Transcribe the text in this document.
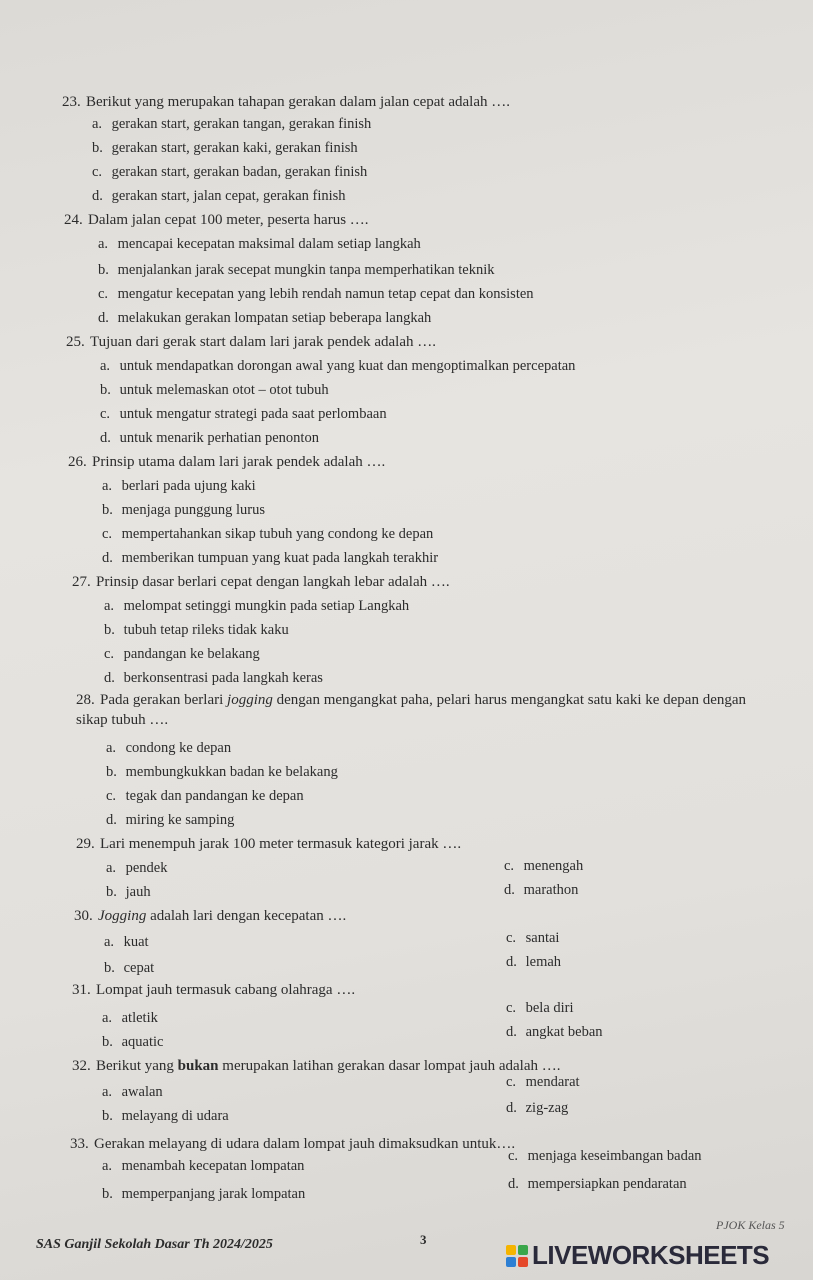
23. Berikut yang merupakan tahapan gerakan dalam jalan cepat adalah ….
a. gerakan start, gerakan tangan, gerakan finish
b. gerakan start, gerakan kaki, gerakan finish
c. gerakan start, gerakan badan, gerakan finish
d. gerakan start, jalan cepat, gerakan finish
24. Dalam jalan cepat 100 meter, peserta harus ….
a. mencapai kecepatan maksimal dalam setiap langkah
b. menjalankan jarak secepat mungkin tanpa memperhatikan teknik
c. mengatur kecepatan yang lebih rendah namun tetap cepat dan konsisten
d. melakukan gerakan lompatan setiap beberapa langkah
25. Tujuan dari gerak start dalam lari jarak pendek adalah ….
a. untuk mendapatkan dorongan awal yang kuat dan mengoptimalkan percepatan
b. untuk melemaskan otot – otot tubuh
c. untuk mengatur strategi pada saat perlombaan
d. untuk menarik perhatian penonton
26. Prinsip utama dalam lari jarak pendek adalah ….
a. berlari pada ujung kaki
b. menjaga punggung lurus
c. mempertahankan sikap tubuh yang condong ke depan
d. memberikan tumpuan yang kuat pada langkah terakhir
27. Prinsip dasar berlari cepat dengan langkah lebar adalah ….
a. melompat setinggi mungkin pada setiap Langkah
b. tubuh tetap rileks tidak kaku
c. pandangan ke belakang
d. berkonsentrasi pada langkah keras
28. Pada gerakan berlari jogging dengan mengangkat paha, pelari harus mengangkat satu kaki ke depan dengan sikap tubuh ….
a. condong ke depan
b. membungkukkan badan ke belakang
c. tegak dan pandangan ke depan
d. miring ke samping
29. Lari menempuh jarak 100 meter termasuk kategori jarak ….
a. pendek
b. jauh
c. menengah
d. marathon
30. Jogging adalah lari dengan kecepatan ….
a. kuat
b. cepat
c. santai
d. lemah
31. Lompat jauh termasuk cabang olahraga ….
a. atletik
b. aquatic
c. bela diri
d. angkat beban
32. Berikut yang bukan merupakan latihan gerakan dasar lompat jauh adalah ….
a. awalan
b. melayang di udara
c. mendarat
d. zig-zag
33. Gerakan melayang di udara dalam lompat jauh dimaksudkan untuk….
a. menambah kecepatan lompatan
b. memperpanjang jarak lompatan
c. menjaga keseimbangan badan
d. mempersiapkan pendaratan
SAS Ganjil Sekolah Dasar Th 2024/2025	3
PJOK Kelas 5
LIVEWORKSHEETS
